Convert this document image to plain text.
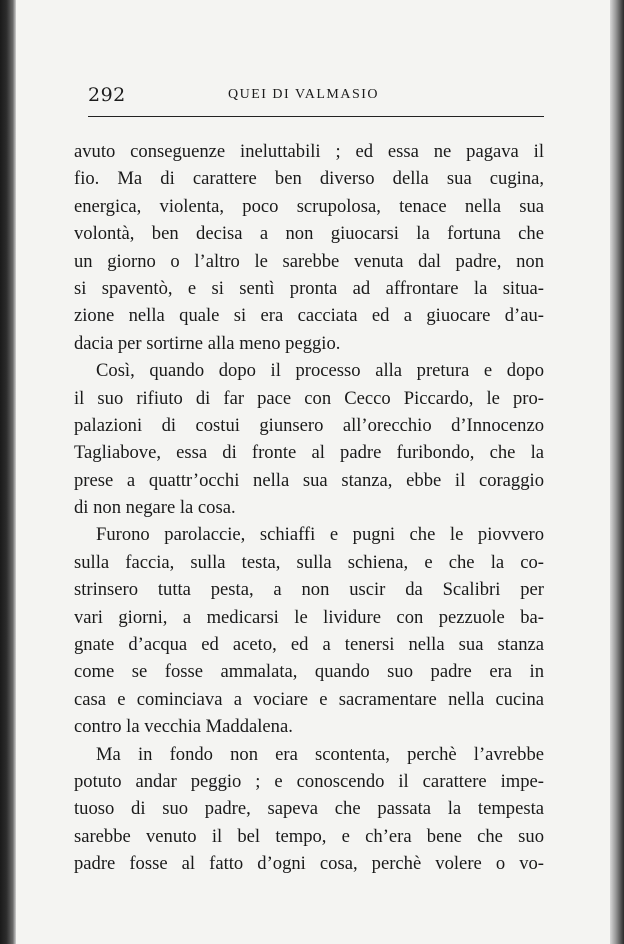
292	QUEI DI VALMASIO
avuto conseguenze ineluttabili ; ed essa ne pagava il
fio. Ma di carattere ben diverso della sua cugina,
energica, violenta, poco scrupolosa, tenace nella sua
volontà, ben decisa a non giuocarsi la fortuna che
un giorno o l’altro le sarebbe venuta dal padre, non
si spaventò, e si sentì pronta ad affrontare la situa-
zione nella quale si era cacciata ed a giuocare d’au-
dacia per sortirne alla meno peggio.
Così, quando dopo il processo alla pretura e dopo
il suo rifiuto di far pace con Cecco Piccardo, le pro-
palazioni di costui giunsero all’orecchio d’Innocenzo
Tagliabove, essa di fronte al padre furibondo, che la
prese a quattr’occhi nella sua stanza, ebbe il coraggio
di non negare la cosa.
Furono parolaccie, schiaffi e pugni che le piovvero
sulla faccia, sulla testa, sulla schiena, e che la co-
strinsero tutta pesta, a non uscir da Scalibri per
vari giorni, a medicarsi le lividure con pezzuole ba-
gnate d’acqua ed aceto, ed a tenersi nella sua stanza
come se fosse ammalata, quando suo padre era in
casa e cominciava a vociare e sacramentare nella cucina
contro la vecchia Maddalena.
Ma in fondo non era scontenta, perchè l’avrebbe
potuto andar peggio ; e conoscendo il carattere impe-
tuoso di suo padre, sapeva che passata la tempesta
sarebbe venuto il bel tempo, e ch’era bene che suo
padre fosse al fatto d’ogni cosa, perchè volere o vo-
